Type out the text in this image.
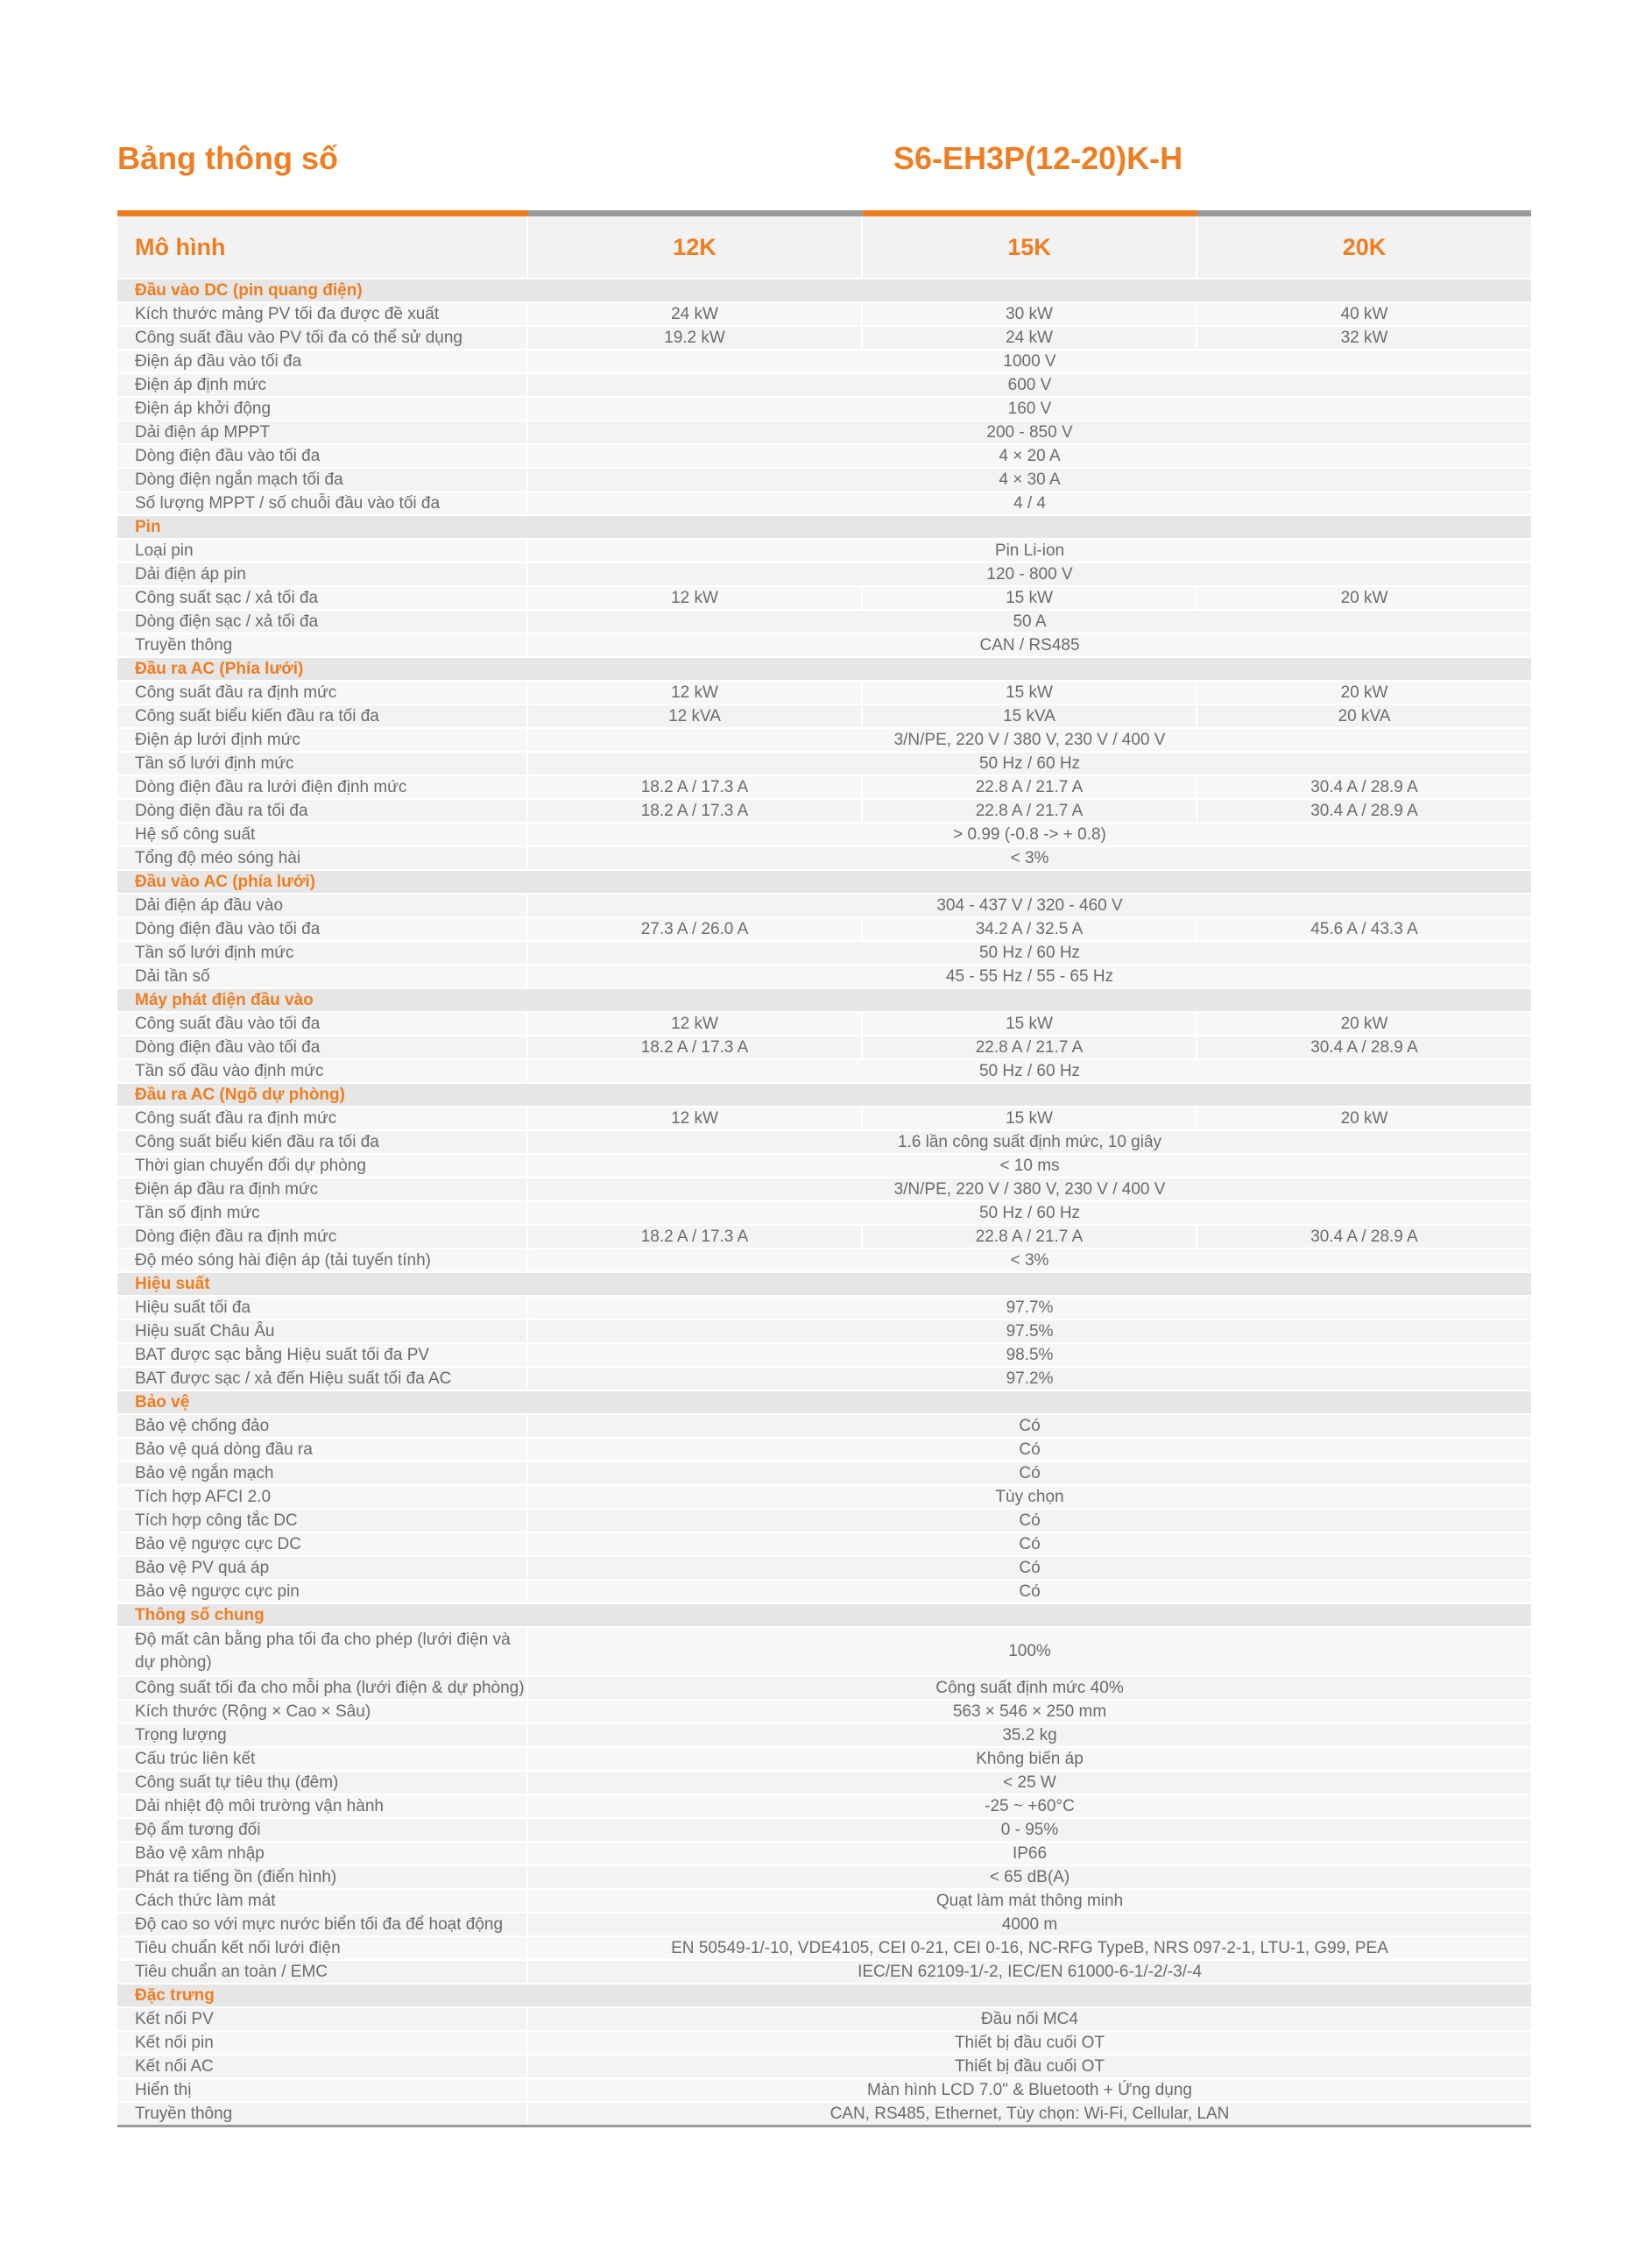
Bảng thông số	S6-EH3P(12-20)K-H
Mô hình	12K	15K	20K
Đầu vào DC (pin quang điện)			
Kích thước mảng PV tối đa được đề xuất	24 kW	30 kW	40 kW
Công suất đầu vào PV tối đa có thể sử dụng	19.2 kW	24 kW	32 kW
Điện áp đầu vào tối đa	1000 V		
Điện áp định mức	600 V		
Điện áp khởi động	160 V		
Dải điện áp MPPT	200 - 850 V		
Dòng điện đầu vào tối đa	4 × 20 A		
Dòng điện ngắn mạch tối đa	4 × 30 A		
Số lượng MPPT / số chuỗi đầu vào tối đa	4 / 4		
Pin			
Loại pin	Pin Li-ion		
Dải điện áp pin	120 - 800 V		
Công suất sạc / xả tối đa	12 kW	15 kW	20 kW
Dòng điện sạc / xả tối đa	50 A		
Truyền thông	CAN / RS485		
Đầu ra AC (Phía lưới)			
Công suất đầu ra định mức	12 kW	15 kW	20 kW
Công suất biểu kiến đầu ra tối đa	12 kVA	15 kVA	20 kVA
Điện áp lưới định mức	3/N/PE, 220 V / 380 V, 230 V / 400 V		
Tần số lưới định mức	50 Hz / 60 Hz		
Dòng điện đầu ra lưới điện định mức	18.2 A / 17.3 A	22.8 A / 21.7 A	30.4 A / 28.9 A
Dòng điện đầu ra tối đa	18.2 A / 17.3 A	22.8 A / 21.7 A	30.4 A / 28.9 A
Hệ số công suất	> 0.99 (-0.8 -> + 0.8)		
Tổng độ méo sóng hài	< 3%		
Đầu vào AC (phía lưới)			
Dải điện áp đầu vào	304 - 437 V / 320 - 460 V		
Dòng điện đầu vào tối đa	27.3 A / 26.0 A	34.2 A / 32.5 A	45.6 A / 43.3 A
Tần số lưới định mức	50 Hz / 60 Hz		
Dải tần số	45 - 55 Hz / 55 - 65 Hz		
Máy phát điện đầu vào			
Công suất đầu vào tối đa	12 kW	15 kW	20 kW
Dòng điện đầu vào tối đa	18.2 A / 17.3 A	22.8 A / 21.7 A	30.4 A / 28.9 A
Tần số đầu vào định mức	50 Hz / 60 Hz		
Đầu ra AC (Ngõ dự phòng)			
Công suất đầu ra định mức	12 kW	15 kW	20 kW
Công suất biểu kiến đầu ra tối đa	1.6 lần công suất định mức, 10 giây		
Thời gian chuyển đổi dự phòng	< 10 ms		
Điện áp đầu ra định mức	3/N/PE, 220 V / 380 V, 230 V / 400 V		
Tần số định mức	50 Hz / 60 Hz		
Dòng điện đầu ra định mức	18.2 A / 17.3 A	22.8 A / 21.7 A	30.4 A / 28.9 A
Độ méo sóng hài điện áp (tải tuyến tính)	< 3%		
Hiệu suất			
Hiệu suất tối đa	97.7%		
Hiệu suất Châu Âu	97.5%		
BAT được sạc bằng Hiệu suất tối đa PV	98.5%		
BAT được sạc / xả đến Hiệu suất tối đa AC	97.2%		
Bảo vệ			
Bảo vệ chống đảo	Có		
Bảo vệ quá dòng đầu ra	Có		
Bảo vệ ngắn mạch	Có		
Tích hợp AFCI 2.0	Tùy chọn		
Tích hợp công tắc DC	Có		
Bảo vệ ngược cực DC	Có		
Bảo vệ PV quá áp	Có		
Bảo vệ ngược cực pin	Có		
Thông số chung			
Độ mất cân bằng pha tối đa cho phép (lưới điện và dự phòng)	100%		
Công suất tối đa cho mỗi pha (lưới điện & dự phòng)	Công suất định mức 40%		
Kích thước (Rộng × Cao × Sâu)	563 × 546 × 250 mm		
Trọng lượng	35.2 kg		
Cấu trúc liên kết	Không biến áp		
Công suất tự tiêu thụ (đêm)	< 25 W		
Dải nhiệt độ môi trường vận hành	-25 ~ +60°C		
Độ ẩm tương đối	0 - 95%		
Bảo vệ xâm nhập	IP66		
Phát ra tiếng ồn (điển hình)	< 65 dB(A)		
Cách thức làm mát	Quạt làm mát thông minh		
Độ cao so với mực nước biển tối đa để hoạt động	4000 m		
Tiêu chuẩn kết nối lưới điện	EN 50549-1/-10, VDE4105, CEI 0-21, CEI 0-16, NC-RFG TypeB, NRS 097-2-1, LTU-1, G99, PEA		
Tiêu chuẩn an toàn / EMC	IEC/EN 62109-1/-2, IEC/EN 61000-6-1/-2/-3/-4		
Đặc trưng			
Kết nối PV	Đầu nối MC4		
Kết nối pin	Thiết bị đầu cuối OT		
Kết nối AC	Thiết bị đầu cuối OT		
Hiển thị	Màn hình LCD 7.0" & Bluetooth + Ứng dụng		
Truyền thông	CAN, RS485, Ethernet, Tùy chọn: Wi-Fi, Cellular, LAN		
